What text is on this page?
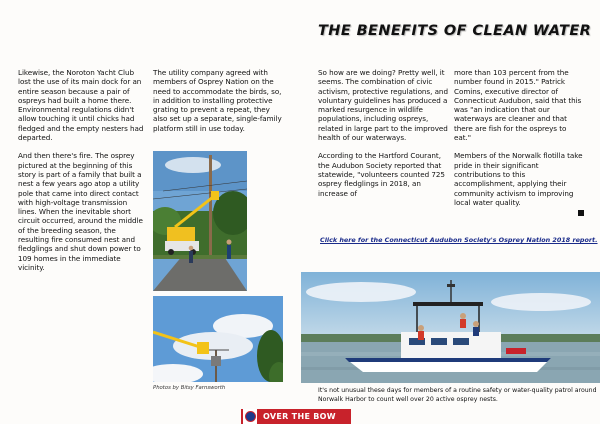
Likewise, the Noroton Yacht Club lost the use of its main dock for an entire season because a pair of ospreys had built a home there. Environmental regulations didn't allow touching it until chicks had fledged and the empty nesters had departed.

And then there's fire. The osprey pictured at the beginning of this story is part of a family that built a nest a few years ago atop a utility pole that came into direct contact with high-voltage transmission lines. When the inevitable short circuit occurred, around the middle of the breeding season, the resulting fire consumed nest and fledglings and shut down power to 109 homes in the immediate vicinity.

The utility company agreed with members of Osprey Nation on the need to accommodate the birds, so, in addition to installing protective grating to prevent a repeat, they also set up a separate, single-family platform still in use today.

Photos by Bitsy Farnsworth
THE BENEFITS OF CLEAN WATER

So how are we doing? Pretty well, it seems. The combination of civic activism, protective regulations, and voluntary guidelines has produced a marked resurgence in wildlife populations, including ospreys, related in large part to the improved health of our waterways.

According to the Hartford Courant, the Audubon Society reported that statewide, "volunteers counted 725 osprey fledglings in 2018, an increase of

more than 103 percent from the number found in 2015." Patrick Comins, executive director of Connecticut Audubon, said that this was "an indication that our waterways are cleaner and that there are fish for the ospreys to eat."

Members of the Norwalk flotilla take pride in their significant contributions to this accomplishment, applying their community activism to improving local water quality.

Click here for the Connecticut Audubon Society's Osprey Nation 2018 report.
It's not unusual these days for members of a routine safety or water-quality patrol around Norwalk Harbor to count well over 20 active osprey nests.
OVER THE BOW
